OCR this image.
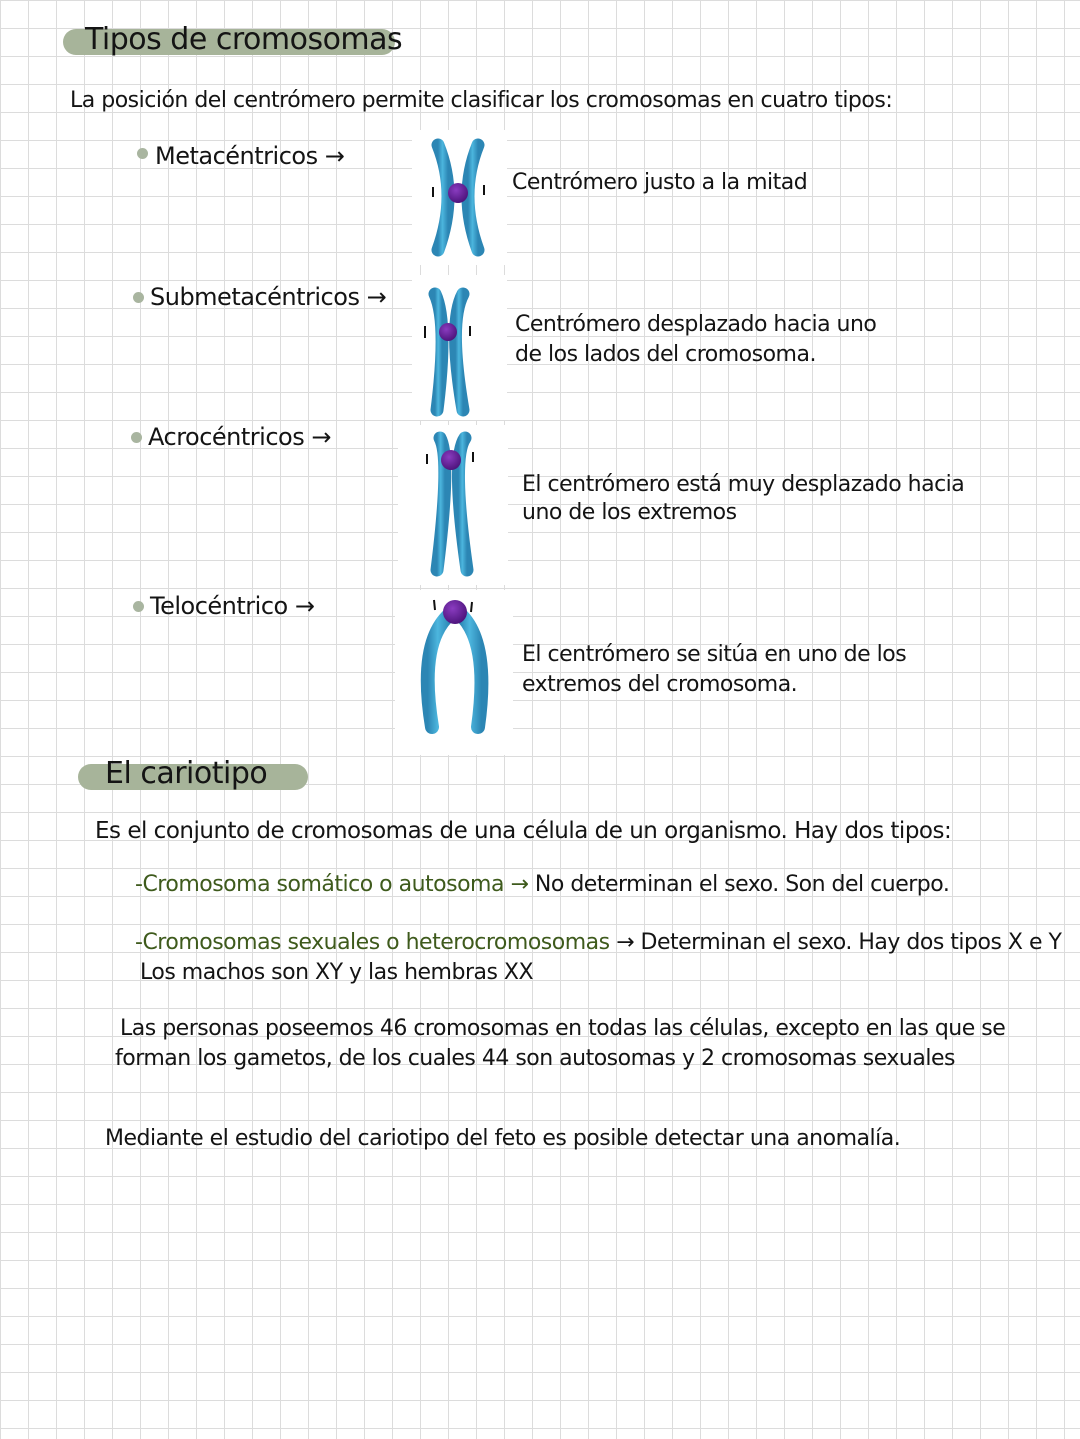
Tipos de cromosomas
La posición del centrómero permite clasificar los cromosomas en cuatro tipos:
Metacéntricos →
Centrómero justo a la mitad
Submetacéntricos →
Centrómero desplazado hacia uno
de los lados del cromosoma.
Acrocéntricos →
El centrómero está muy desplazado hacia
uno de los extremos
Telocéntrico →
El centrómero se sitúa en uno de los
extremos del cromosoma.
El cariotipo
Es el conjunto de cromosomas de una célula de un organismo. Hay dos tipos:
-Cromosoma somático o autosoma → No determinan el sexo. Son del cuerpo.
-Cromosomas sexuales o heterocromosomas → Determinan el sexo. Hay dos tipos X e Y
Los machos son XY y las hembras XX
Las personas poseemos 46 cromosomas en todas las células, excepto en las que se
forman los gametos, de los cuales 44 son autosomas y 2 cromosomas sexuales
Mediante el estudio del cariotipo del feto es posible detectar una anomalía.
